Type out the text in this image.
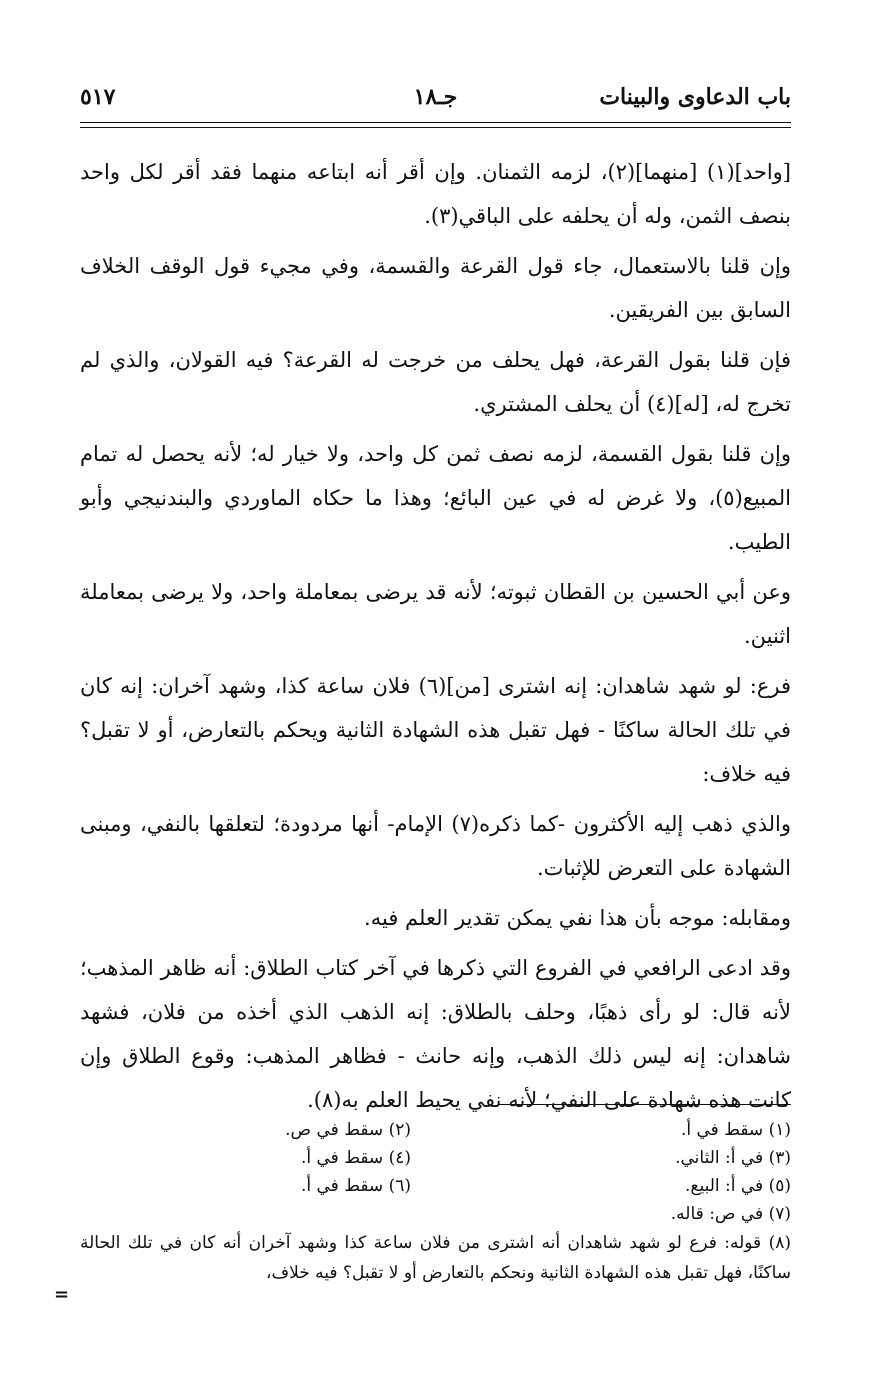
باب الدعاوى والبينات
جـ١٨
٥١٧

[واحد](١) [منهما](٢)، لزمه الثمنان. وإن أقر أنه ابتاعه منهما فقد أقر لكل واحد بنصف الثمن، وله أن يحلفه على الباقي(٣).

وإن قلنا بالاستعمال، جاء قول القرعة والقسمة، وفي مجيء قول الوقف الخلاف السابق بين الفريقين.

فإن قلنا بقول القرعة، فهل يحلف من خرجت له القرعة؟ فيه القولان، والذي لم تخرج له، [له](٤) أن يحلف المشتري.

وإن قلنا بقول القسمة، لزمه نصف ثمن كل واحد، ولا خيار له؛ لأنه يحصل له تمام المبيع(٥)، ولا غرض له في عين البائع؛ وهذا ما حكاه الماوردي والبندنيجي وأبو الطيب.

وعن أبي الحسين بن القطان ثبوته؛ لأنه قد يرضى بمعاملة واحد، ولا يرضى بمعاملة اثنين.

فرع: لو شهد شاهدان: إنه اشترى [من](٦) فلان ساعة كذا، وشهد آخران: إنه كان في تلك الحالة ساكنًا - فهل تقبل هذه الشهادة الثانية ويحكم بالتعارض، أو لا تقبل؟ فيه خلاف:

والذي ذهب إليه الأكثرون -كما ذكره(٧) الإمام- أنها مردودة؛ لتعلقها بالنفي، ومبنى الشهادة على التعرض للإثبات.

ومقابله: موجه بأن هذا نفي يمكن تقدير العلم فيه.

وقد ادعى الرافعي في الفروع التي ذكرها في آخر كتاب الطلاق: أنه ظاهر المذهب؛ لأنه قال: لو رأى ذهبًا، وحلف بالطلاق: إنه الذهب الذي أخذه من فلان، فشهد شاهدان: إنه ليس ذلك الذهب، وإنه حانث - فظاهر المذهب: وقوع الطلاق وإن كانت هذه شهادة على النفي؛ لأنه نفي يحيط العلم به(٨).

(١) سقط في أ.
(٢) سقط في ص.
(٣) في أ: الثاني.
(٤) سقط في أ.
(٥) في أ: البيع.
(٦) سقط في أ.
(٧) في ص: قاله.
(٨) قوله: فرع لو شهد شاهدان أنه اشترى من فلان ساعة كذا وشهد آخران أنه كان في تلك الحالة ساكنًا، فهل تقبل هذه الشهادة الثانية ونحكم بالتعارض أو لا تقبل؟ فيه خلاف،
=
